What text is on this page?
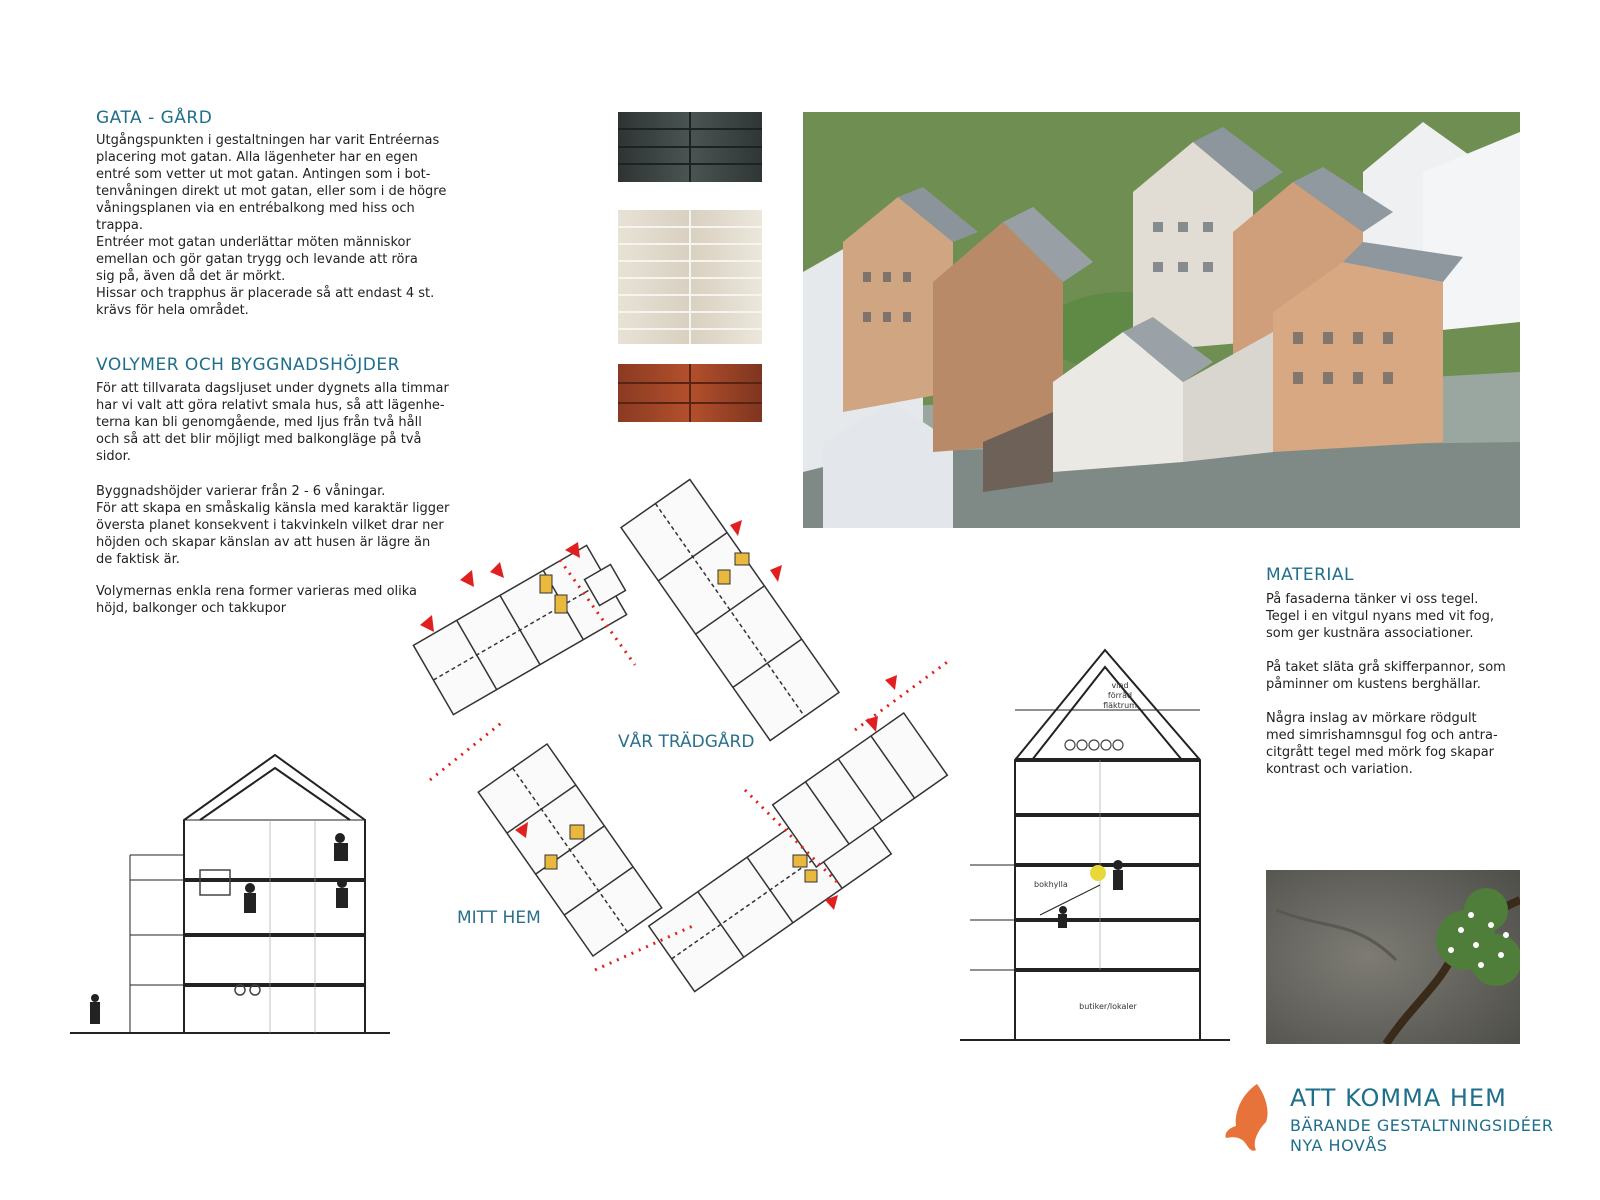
GATA - GÅRD
Utgångspunkten i gestaltningen har varit Entréernas
placering mot gatan. Alla lägenheter har en egen
entré som vetter ut mot gatan. Antingen som i bot-
tenvåningen direkt ut mot gatan, eller som i de högre
våningsplanen via en entrébalkong med hiss och
trappa.
Entréer mot gatan underlättar möten människor
emellan och gör gatan trygg och levande att röra
sig på, även då det är mörkt.
Hissar och trapphus är placerade så att endast 4 st.
krävs för hela området.
VOLYMER OCH BYGGNADSHÖJDER
För att tillvarata dagsljuset under dygnets alla timmar
har vi valt att göra relativt smala hus, så att lägenhe-
terna kan bli genomgående, med ljus från två håll
och så att det blir möjligt med balkongläge på två
sidor.
Byggnadshöjder varierar från 2 - 6 våningar.
För att skapa en småskalig känsla med karaktär ligger
översta planet konsekvent i takvinkeln vilket drar ner
höjden och skapar känslan av att husen är lägre än
de faktisk är.
Volymernas enkla rena former varieras med olika
höjd, balkonger och takkupor
MATERIAL
På fasaderna tänker vi oss tegel.
Tegel i en vitgul nyans med vit fog,
som ger kustnära associationer.
På taket släta grå skifferpannor, som
påminner om kustens berghällar.
Några inslag av mörkare rödgult
med simrishamnsgul fog och antra-
citgrått tegel med mörk fog skapar
kontrast och variation.
VÅR TRÄDGÅRD
MITT HEM
vind
förråd
fläktrum
bokhylla
butiker/lokaler
ATT KOMMA HEM
BÄRANDE GESTALTNINGSIDÉER
NYA HOVÅS
